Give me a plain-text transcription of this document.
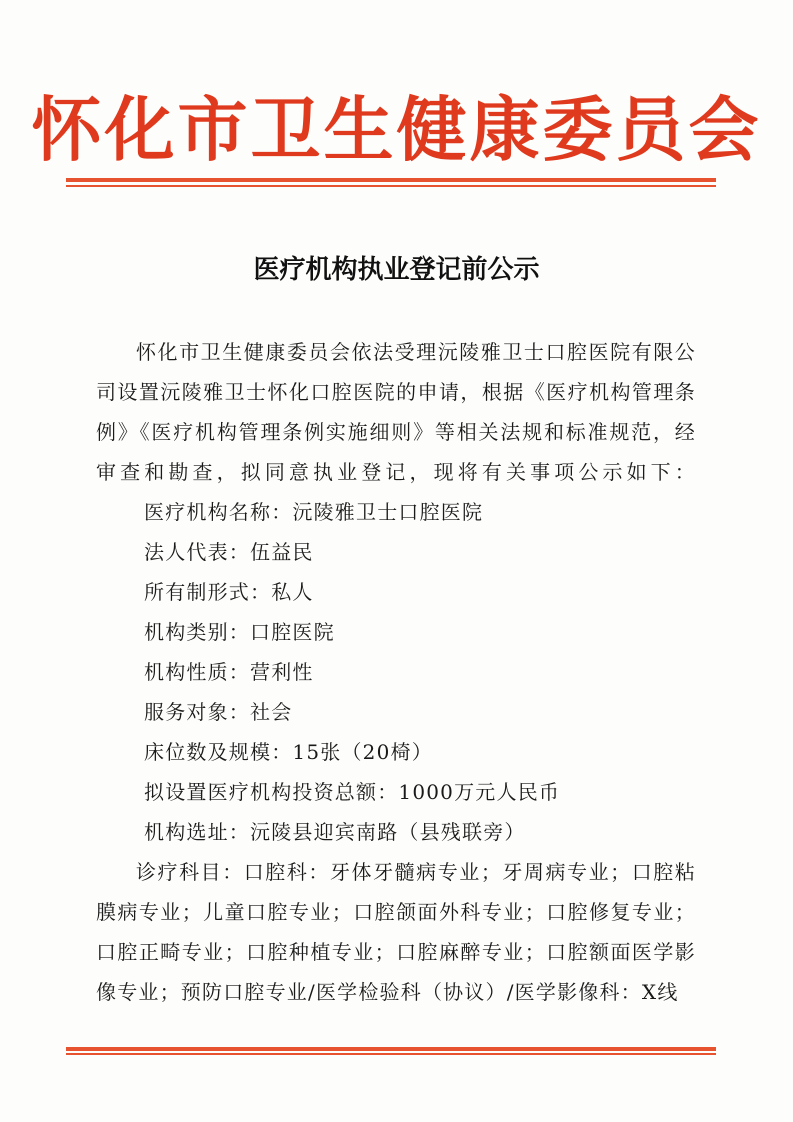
怀化市卫生健康委员会
医疗机构执业登记前公示

怀化市卫生健康委员会依法受理沅陵雅卫士口腔医院有限公司设置沅陵雅卫士怀化口腔医院的申请，根据《医疗机构管理条例》《医疗机构管理条例实施细则》等相关法规和标准规范，经审查和勘查，拟同意执业登记，现将有关事项公示如下：

医疗机构名称：沅陵雅卫士口腔医院

法人代表：伍益民

所有制形式：私人

机构类别：口腔医院

机构性质：营利性

服务对象：社会

床位数及规模：15张（20椅）

拟设置医疗机构投资总额：1000万元人民币

机构选址：沅陵县迎宾南路（县残联旁）

诊疗科目：口腔科：牙体牙髓病专业；牙周病专业；口腔粘膜病专业；儿童口腔专业；口腔颌面外科专业；口腔修复专业；口腔正畸专业；口腔种植专业；口腔麻醉专业；口腔额面医学影像专业；预防口腔专业/医学检验科（协议）/医学影像科：X线
